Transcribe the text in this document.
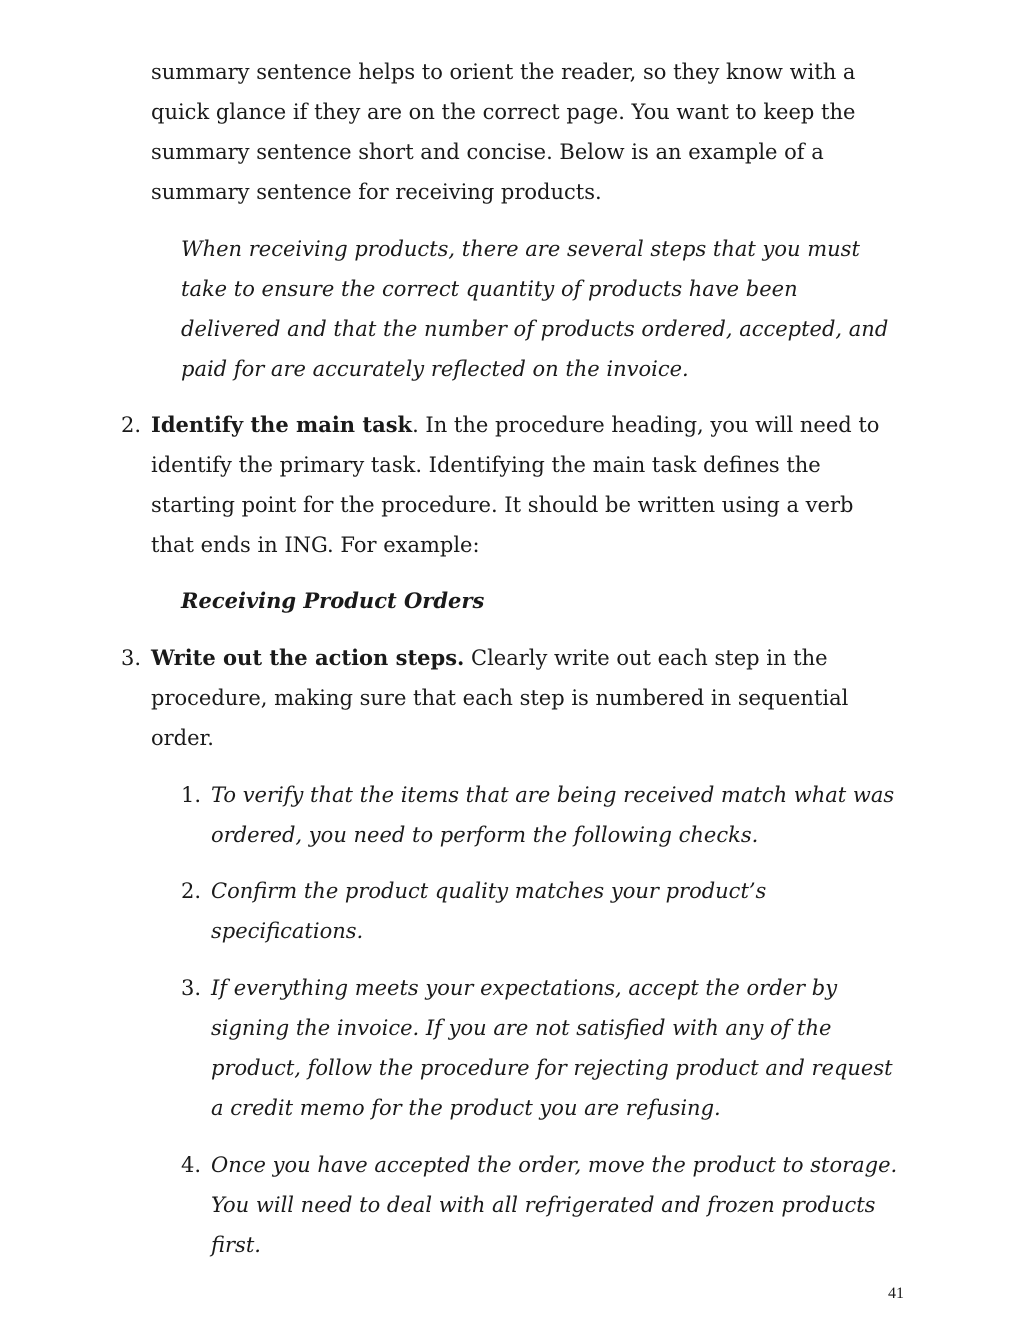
summary sentence helps to orient the reader, so they know with a quick glance if they are on the correct page. You want to keep the summary sentence short and concise. Below is an example of a summary sentence for receiving products.

When receiving products, there are several steps that you must take to ensure the correct quantity of products have been delivered and that the number of products ordered, accepted, and paid for are accurately reflected on the invoice.

2. Identify the main task. In the procedure heading, you will need to identify the primary task. Identifying the main task defines the starting point for the procedure. It should be written using a verb that ends in ING. For example:

Receiving Product Orders

3. Write out the action steps. Clearly write out each step in the procedure, making sure that each step is numbered in sequential order.

1. To verify that the items that are being received match what was ordered, you need to perform the following checks.

2. Confirm the product quality matches your product’s specifications.

3. If everything meets your expectations, accept the order by signing the invoice. If you are not satisfied with any of the product, follow the procedure for rejecting product and request a credit memo for the product you are refusing.

4. Once you have accepted the order, move the product to storage. You will need to deal with all refrigerated and frozen products first.

41
